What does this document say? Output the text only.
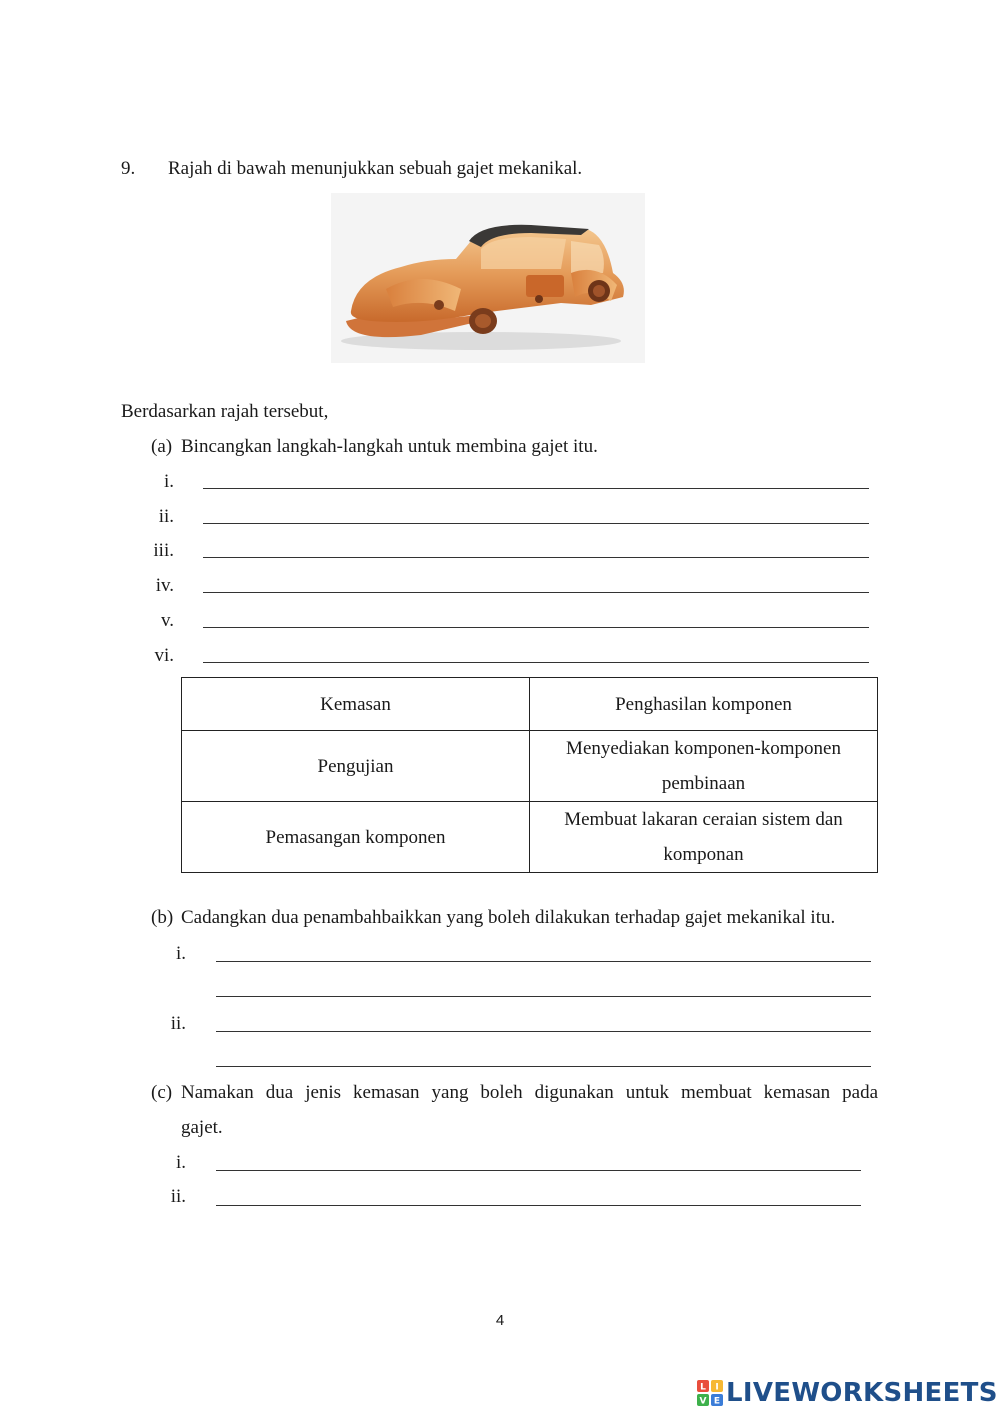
9. Rajah di bawah menunjukkan sebuah gajet mekanikal.
Berdasarkan rajah tersebut,
(a) Bincangkan langkah-langkah untuk membina gajet itu.
i.
ii.
iii.
iv.
v.
vi.
Kemasan	Penghasilan komponen
Pengujian	Menyediakan komponen-komponen pembinaan
Pemasangan komponen	Membuat lakaran ceraian sistem dan komponan
(b) Cadangkan dua penambahbaikkan yang boleh dilakukan terhadap gajet mekanikal itu.
i.
ii.
(c) Namakan dua jenis kemasan yang boleh digunakan untuk membuat kemasan pada
gajet.
i.
ii.
4
L I
V E LIVEWORKSHEETS
